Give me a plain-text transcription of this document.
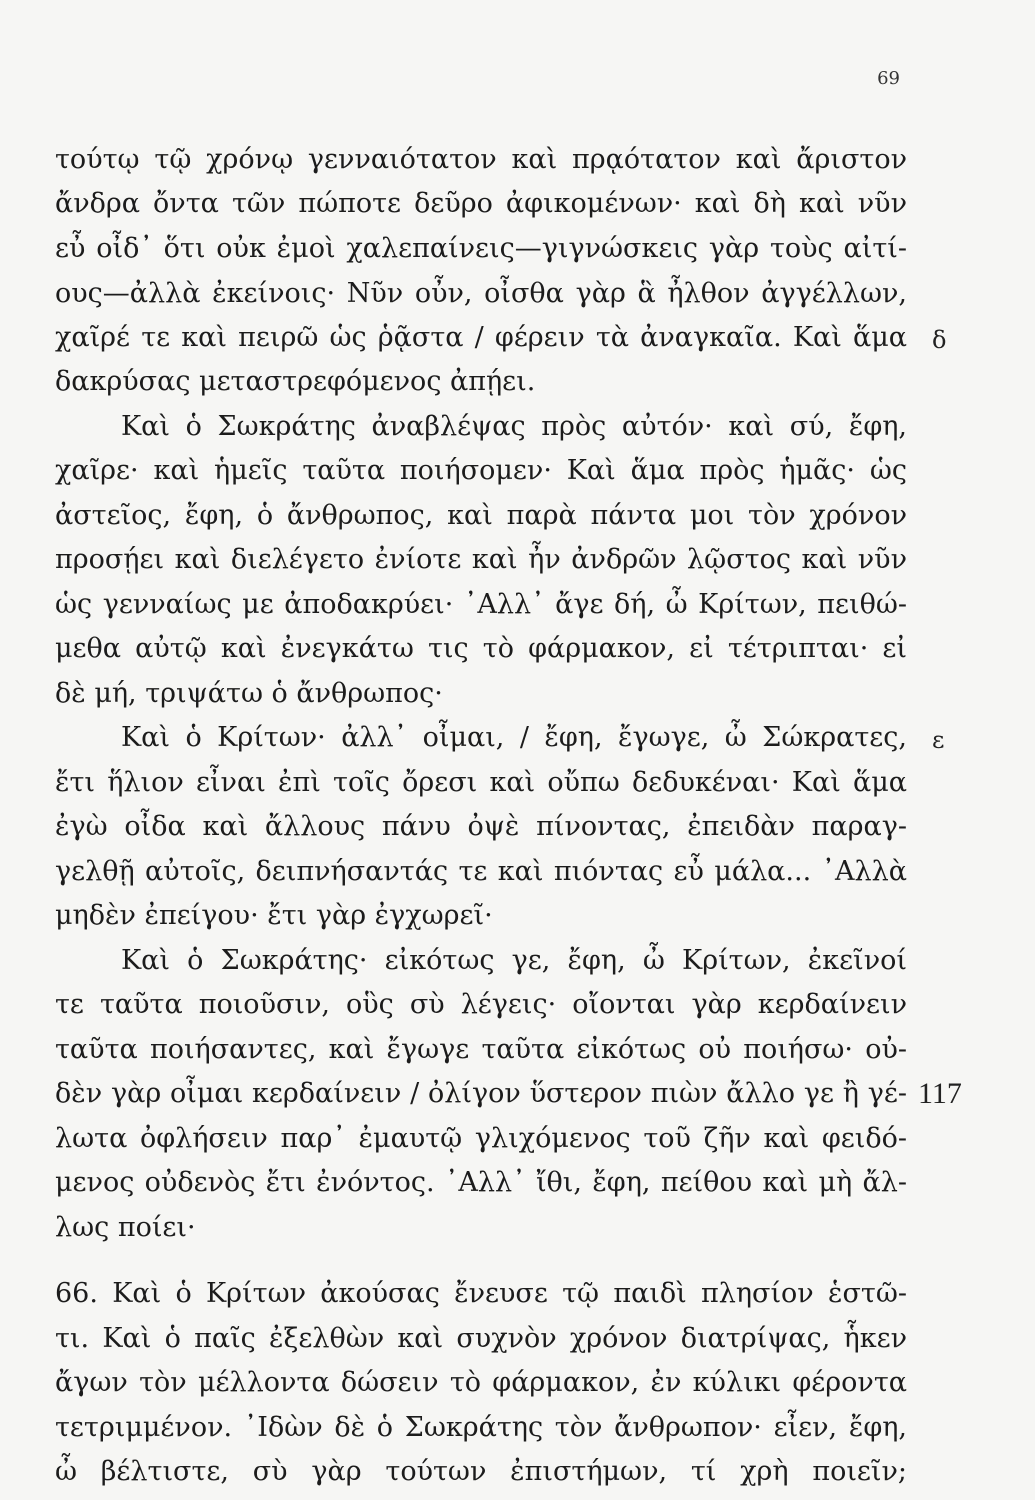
69
τούτῳ τῷ χρόνῳ γενναιότατον καὶ πρᾳότατον καὶ ἄριστον
ἄνδρα ὄντα τῶν πώποτε δεῦρο ἀφικομένων· καὶ δὴ καὶ νῦν
εὖ οἶδ᾽ ὅτι οὐκ ἐμοὶ χαλεπαίνεις—γιγνώσκεις γὰρ τοὺς αἰτί-
ους—ἀλλὰ ἐκείνοις· Νῦν οὖν, οἶσθα γὰρ ἃ ἦλθον ἀγγέλλων,
χαῖρέ τε καὶ πειρῶ ὡς ῥᾷστα / φέρειν τὰ ἀναγκαῖα. Καὶ ἅμα
δακρύσας μεταστρεφόμενος ἀπῄει.
Καὶ ὁ Σωκράτης ἀναβλέψας πρὸς αὐτόν· καὶ σύ, ἔφη,
χαῖρε· καὶ ἡμεῖς ταῦτα ποιήσομεν· Καὶ ἅμα πρὸς ἡμᾶς· ὡς
ἀστεῖος, ἔφη, ὁ ἄνθρωπος, καὶ παρὰ πάντα μοι τὸν χρόνον
προσῄει καὶ διελέγετο ἐνίοτε καὶ ἦν ἀνδρῶν λῷστος καὶ νῦν
ὡς γενναίως με ἀποδακρύει· ᾿Αλλ᾽ ἄγε δή, ὦ Κρίτων, πειθώ-
μεθα αὐτῷ καὶ ἐνεγκάτω τις τὸ φάρμακον, εἰ τέτριπται· εἰ
δὲ μή, τριψάτω ὁ ἄνθρωπος·
Καὶ ὁ Κρίτων· ἀλλ᾽ οἶμαι, / ἔφη, ἔγωγε, ὦ Σώκρατες,
ἔτι ἥλιον εἶναι ἐπὶ τοῖς ὄρεσι καὶ οὔπω δεδυκέναι· Καὶ ἅμα
ἐγὼ οἶδα καὶ ἄλλους πάνυ ὀψὲ πίνοντας, ἐπειδὰν παραγ-
γελθῇ αὐτοῖς, δειπνήσαντάς τε καὶ πιόντας εὖ μάλα... ᾿Αλλὰ
μηδὲν ἐπείγου· ἔτι γὰρ ἐγχωρεῖ·
Καὶ ὁ Σωκράτης· εἰκότως γε, ἔφη, ὦ Κρίτων, ἐκεῖνοί
τε ταῦτα ποιοῦσιν, οὓς σὺ λέγεις· οἴονται γὰρ κερδαίνειν
ταῦτα ποιήσαντες, καὶ ἔγωγε ταῦτα εἰκότως οὐ ποιήσω· οὐ-
δὲν γὰρ οἶμαι κερδαίνειν / ὀλίγον ὕστερον πιὼν ἄλλο γε ἢ γέ-
λωτα ὀφλήσειν παρ᾽ ἐμαυτῷ γλιχόμενος τοῦ ζῆν καὶ φειδό-
μενος οὐδενὸς ἔτι ἐνόντος. ᾿Αλλ᾽ ἴθι, ἔφη, πείθου καὶ μὴ ἄλ-
λως ποίει·
66. Καὶ ὁ Κρίτων ἀκούσας ἔνευσε τῷ παιδὶ πλησίον ἑστῶ-
τι. Καὶ ὁ παῖς ἐξελθὼν καὶ συχνὸν χρόνον διατρίψας, ἧκεν
ἄγων τὸν μέλλοντα δώσειν τὸ φάρμακον, ἐν κύλικι φέροντα
τετριμμένον. ᾿Ιδὼν δὲ ὁ Σωκράτης τὸν ἄνθρωπον· εἶεν, ἔφη,
ὦ βέλτιστε, σὺ γὰρ τούτων ἐπιστήμων, τί χρὴ ποιεῖν;
δ
ε
117
